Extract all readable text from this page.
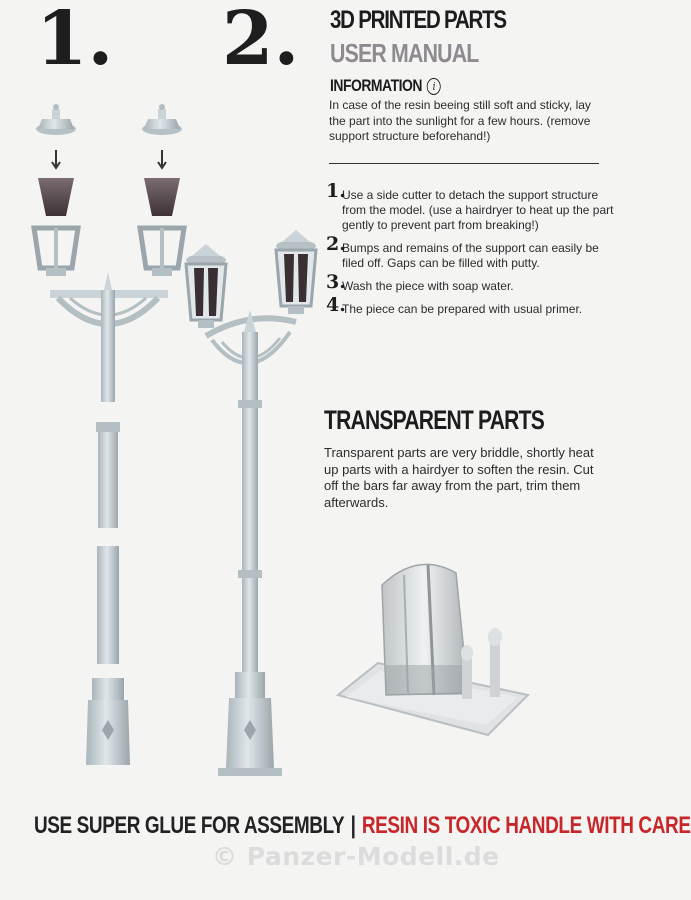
1. 2. 3D PRINTED PARTS
USER MANUAL
INFORMATION i
In case of the resin beeing still soft and sticky, lay the part into the sunlight for a few hours. (remove support structure beforehand!)
1.
Use a side cutter to detach the support structure from the model. (use a hairdryer to heat up the part gently to prevent part from breaking!)
2.
Bumps and remains of the support can easily be filed off. Gaps can be filled with putty.
3.
Wash the piece with soap water.
4.
The piece can be prepared with usual primer.
TRANSPARENT PARTS
Transparent parts are very briddle, shortly heat up parts with a hairdyer to soften the resin. Cut off the bars far away from the part, trim them afterwards.
USE SUPER GLUE FOR ASSEMBLY | RESIN IS TOXIC HANDLE WITH CARE
© Panzer-Modell.de
